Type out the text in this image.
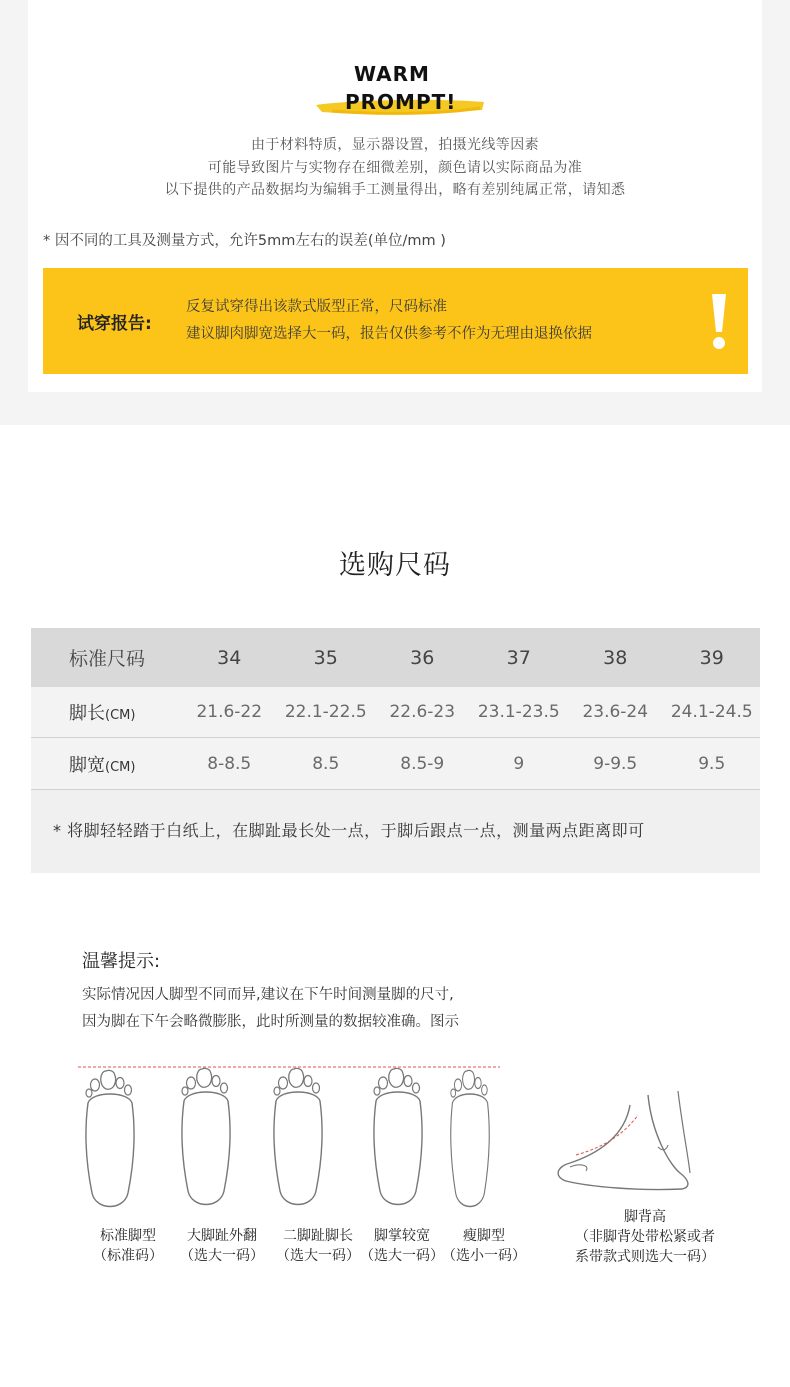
WARM
PROMPT!
由于材料特质，显示器设置，拍摄光线等因素
可能导致图片与实物存在细微差别，颜色请以实际商品为准
以下提供的产品数据均为编辑手工测量得出，略有差别纯属正常，请知悉
* 因不同的工具及测量方式，允许5mm左右的误差(单位/mm )
试穿报告:
反复试穿得出该款式版型正常，尺码标准
建议脚肉脚宽选择大一码，报告仅供参考不作为无理由退换依据
选购尺码
标准尺码	34	35	36	37	38	39
脚长(CM)	21.6-22	22.1-22.5	22.6-23	23.1-23.5	23.6-24	24.1-24.5
脚宽(CM)	8-8.5	8.5	8.5-9	9	9-9.5	9.5
* 将脚轻轻踏于白纸上，在脚趾最长处一点，于脚后跟点一点，测量两点距离即可
温馨提示:
实际情况因人脚型不同而异,建议在下午时间测量脚的尺寸,
因为脚在下午会略微膨胀，此时所测量的数据较准确。图示
标准脚型
（标准码）
大脚趾外翻
（选大一码）
二脚趾脚长
（选大一码）
脚掌较宽
（选大一码）
瘦脚型
（选小一码）
脚背高
（非脚背处带松紧或者
系带款式则选大一码）
